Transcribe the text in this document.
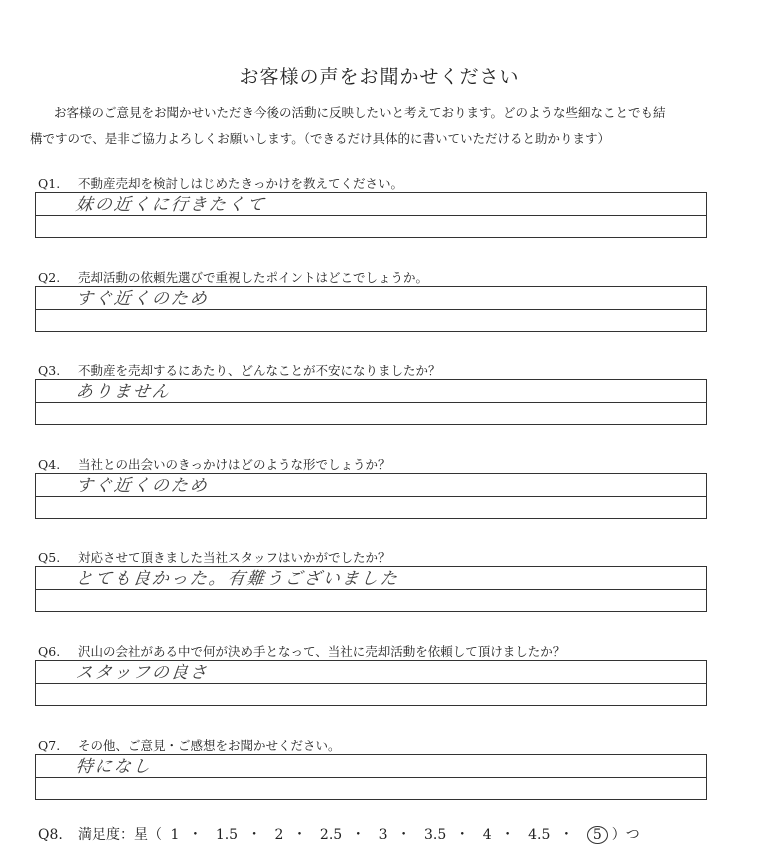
お客様の声をお聞かせください
お客様のご意見をお聞かせいただき今後の活動に反映したいと考えております。どのような些細なことでも結
構ですので、是非ご協力よろしくお願いします。（できるだけ具体的に書いていただけると助かります）
Q1. 不動産売却を検討しはじめたきっかけを教えてください。
妹の近くに行きたくて
Q2. 売却活動の依頼先選びで重視したポイントはどこでしょうか。
すぐ近くのため
Q3. 不動産を売却するにあたり、どんなことが不安になりましたか？
ありません
Q4. 当社との出会いのきっかけはどのような形でしょうか？
すぐ近くのため
Q5. 対応させて頂きました当社スタッフはいかがでしたか？
とても良かった。有難うございました
Q6. 沢山の会社がある中で何が決め手となって、当社に売却活動を依頼して頂けましたか？
スタッフの良さ
Q7. その他、ご意見・ご感想をお聞かせください。
特になし
Q8. 満足度：星（ 1 ・ 1.5 ・ 2 ・ 2.5 ・ 3 ・ 3.5 ・ 4 ・ 4.5 ・ 5 ）つ
